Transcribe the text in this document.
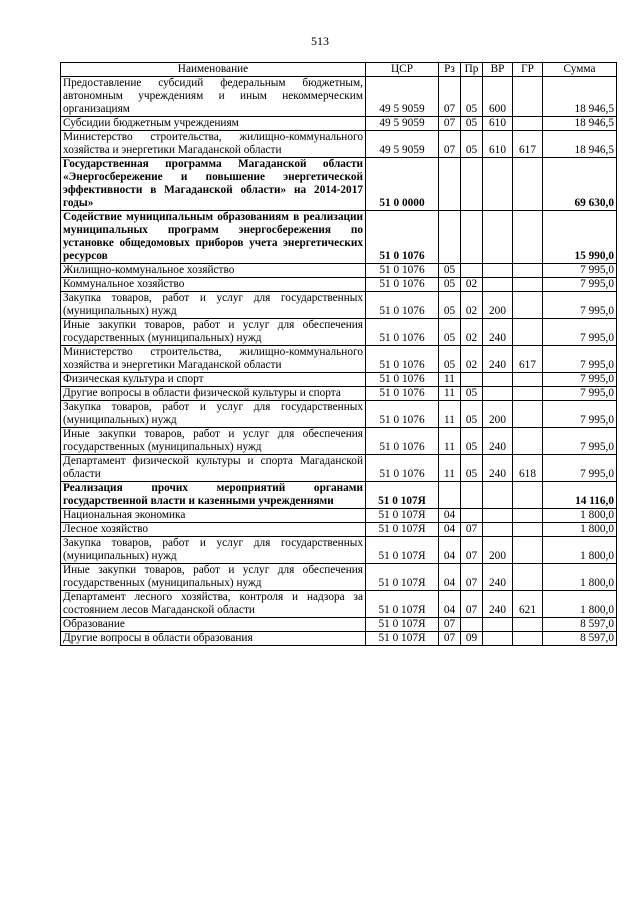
513
Наименование	ЦСР	Рз	Пр	ВР	ГР	Сумма
Предоставление субсидий федеральным бюджетным, автономным учреждениям и иным некоммерческим организациям	49 5 9059	07	05	600		18 946,5
Субсидии бюджетным учреждениям	49 5 9059	07	05	610		18 946,5
Министерство строительства, жилищно-коммунального хозяйства и энергетики Магаданской области	49 5 9059	07	05	610	617	18 946,5
Государственная программа Магаданской области «Энергосбережение и повышение энергетической эффективности в Магаданской области» на 2014-2017 годы»	51 0 0000					69 630,0
Содействие муниципальным образованиям в реализации муниципальных программ энергосбережения по установке общедомовых приборов учета энергетических ресурсов	51 0 1076					15 990,0
Жилищно-коммунальное хозяйство	51 0 1076	05				7 995,0
Коммунальное хозяйство	51 0 1076	05	02			7 995,0
Закупка товаров, работ и услуг для государственных (муниципальных) нужд	51 0 1076	05	02	200		7 995,0
Иные закупки товаров, работ и услуг для обеспечения государственных (муниципальных) нужд	51 0 1076	05	02	240		7 995,0
Министерство строительства, жилищно-коммунального хозяйства и энергетики Магаданской области	51 0 1076	05	02	240	617	7 995,0
Физическая культура и спорт	51 0 1076	11				7 995,0
Другие вопросы в области физической культуры и спорта	51 0 1076	11	05			7 995,0
Закупка товаров, работ и услуг для государственных (муниципальных) нужд	51 0 1076	11	05	200		7 995,0
Иные закупки товаров, работ и услуг для обеспечения государственных (муниципальных) нужд	51 0 1076	11	05	240		7 995,0
Департамент физической культуры и спорта Магаданской области	51 0 1076	11	05	240	618	7 995,0
Реализация прочих мероприятий органами государственной власти и казенными учреждениями	51 0 107Я					14 116,0
Национальная экономика	51 0 107Я	04				1 800,0
Лесное хозяйство	51 0 107Я	04	07			1 800,0
Закупка товаров, работ и услуг для государственных (муниципальных) нужд	51 0 107Я	04	07	200		1 800,0
Иные закупки товаров, работ и услуг для обеспечения государственных (муниципальных) нужд	51 0 107Я	04	07	240		1 800,0
Департамент лесного хозяйства, контроля и надзора за состоянием лесов Магаданской области	51 0 107Я	04	07	240	621	1 800,0
Образование	51 0 107Я	07				8 597,0
Другие вопросы в области образования	51 0 107Я	07	09			8 597,0
